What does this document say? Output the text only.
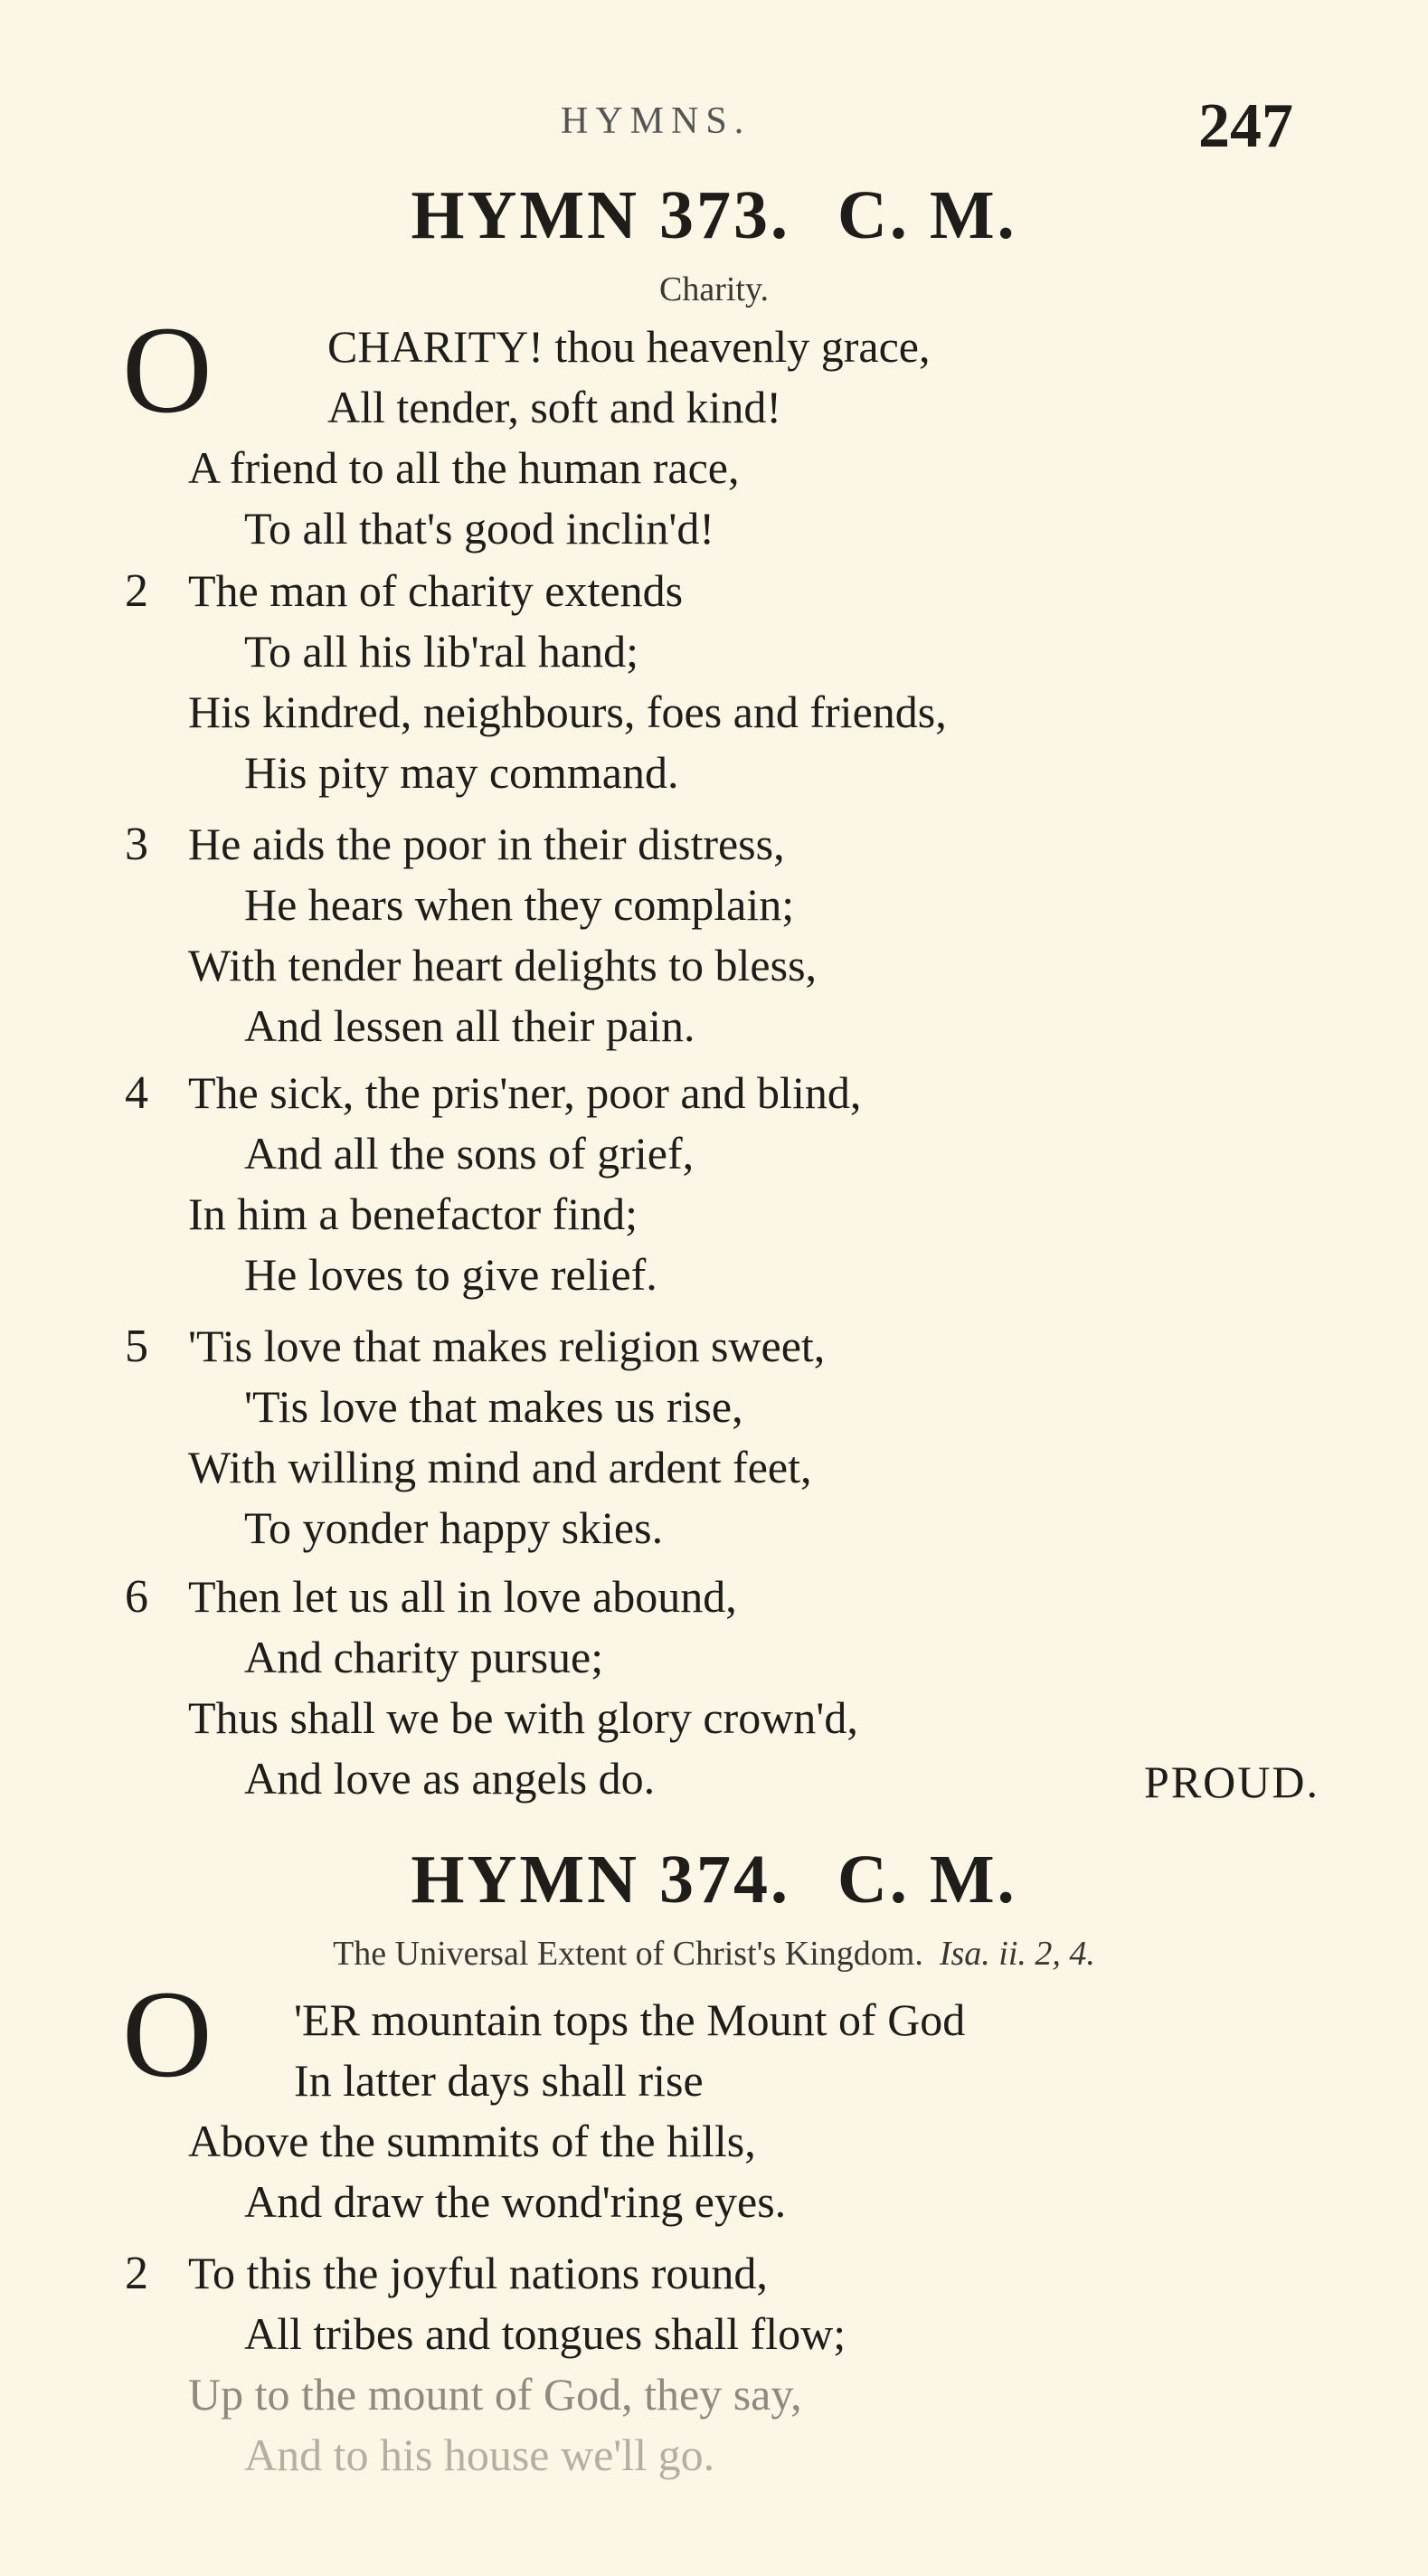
HYMNS.	247
HYMN 373. C. M.
Charity.
O	CHARITY! thou heavenly grace,
All tender, soft and kind!
A friend to all the human race,
To all that's good inclin'd!
2 The man of charity extends
To all his lib'ral hand;
His kindred, neighbours, foes and friends,
His pity may command.
3 He aids the poor in their distress,
He hears when they complain;
With tender heart delights to bless,
And lessen all their pain.
4 The sick, the pris'ner, poor and blind,
And all the sons of grief,
In him a benefactor find;
He loves to give relief.
5 'Tis love that makes religion sweet,
'Tis love that makes us rise,
With willing mind and ardent feet,
To yonder happy skies.
6 Then let us all in love abound,
And charity pursue;
Thus shall we be with glory crown'd,
And love as angels do.	PROUD.
HYMN 374. C. M.
The Universal Extent of Christ's Kingdom. Isa. ii. 2, 4.
O 'ER mountain tops the Mount of God
In latter days shall rise
Above the summits of the hills,
And draw the wond'ring eyes.
2 To this the joyful nations round,
All tribes and tongues shall flow;
Up to the mount of God, they say,
And to his house we'll go.
